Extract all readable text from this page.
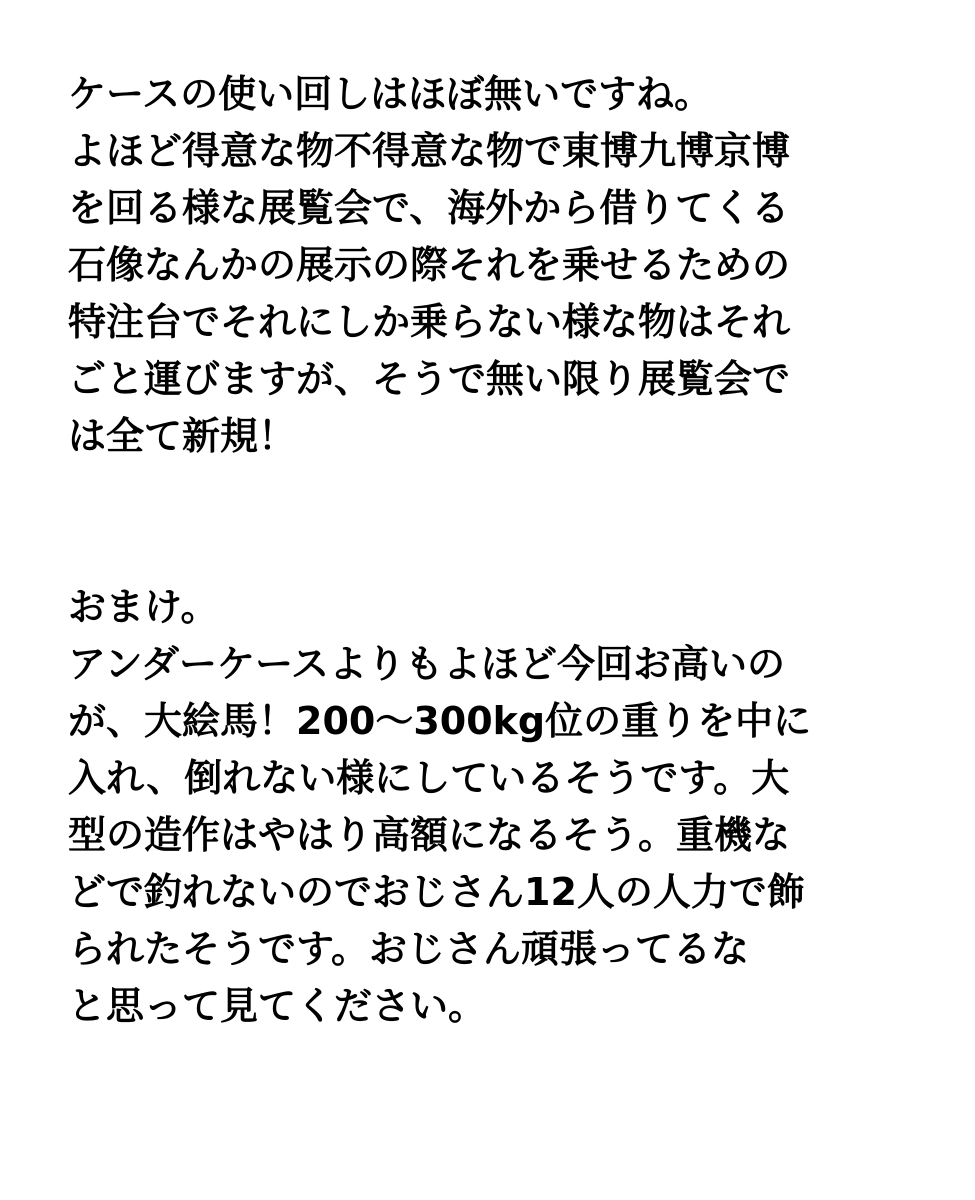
ケースの使い回しはほぼ無いですね。
よほど得意な物不得意な物で東博九博京博
を回る様な展覧会で、海外から借りてくる
石像なんかの展示の際それを乗せるための
特注台でそれにしか乗らない様な物はそれ
ごと運びますが、そうで無い限り展覧会で
は全て新規！
おまけ。
アンダーケースよりもよほど今回お高いの
が、大絵馬！200～300kg位の重りを中に
入れ、倒れない様にしているそうです。大
型の造作はやはり高額になるそう。重機な
どで釣れないのでおじさん12人の人力で飾
られたそうです。おじさん頑張ってるな
と思って見てください。
